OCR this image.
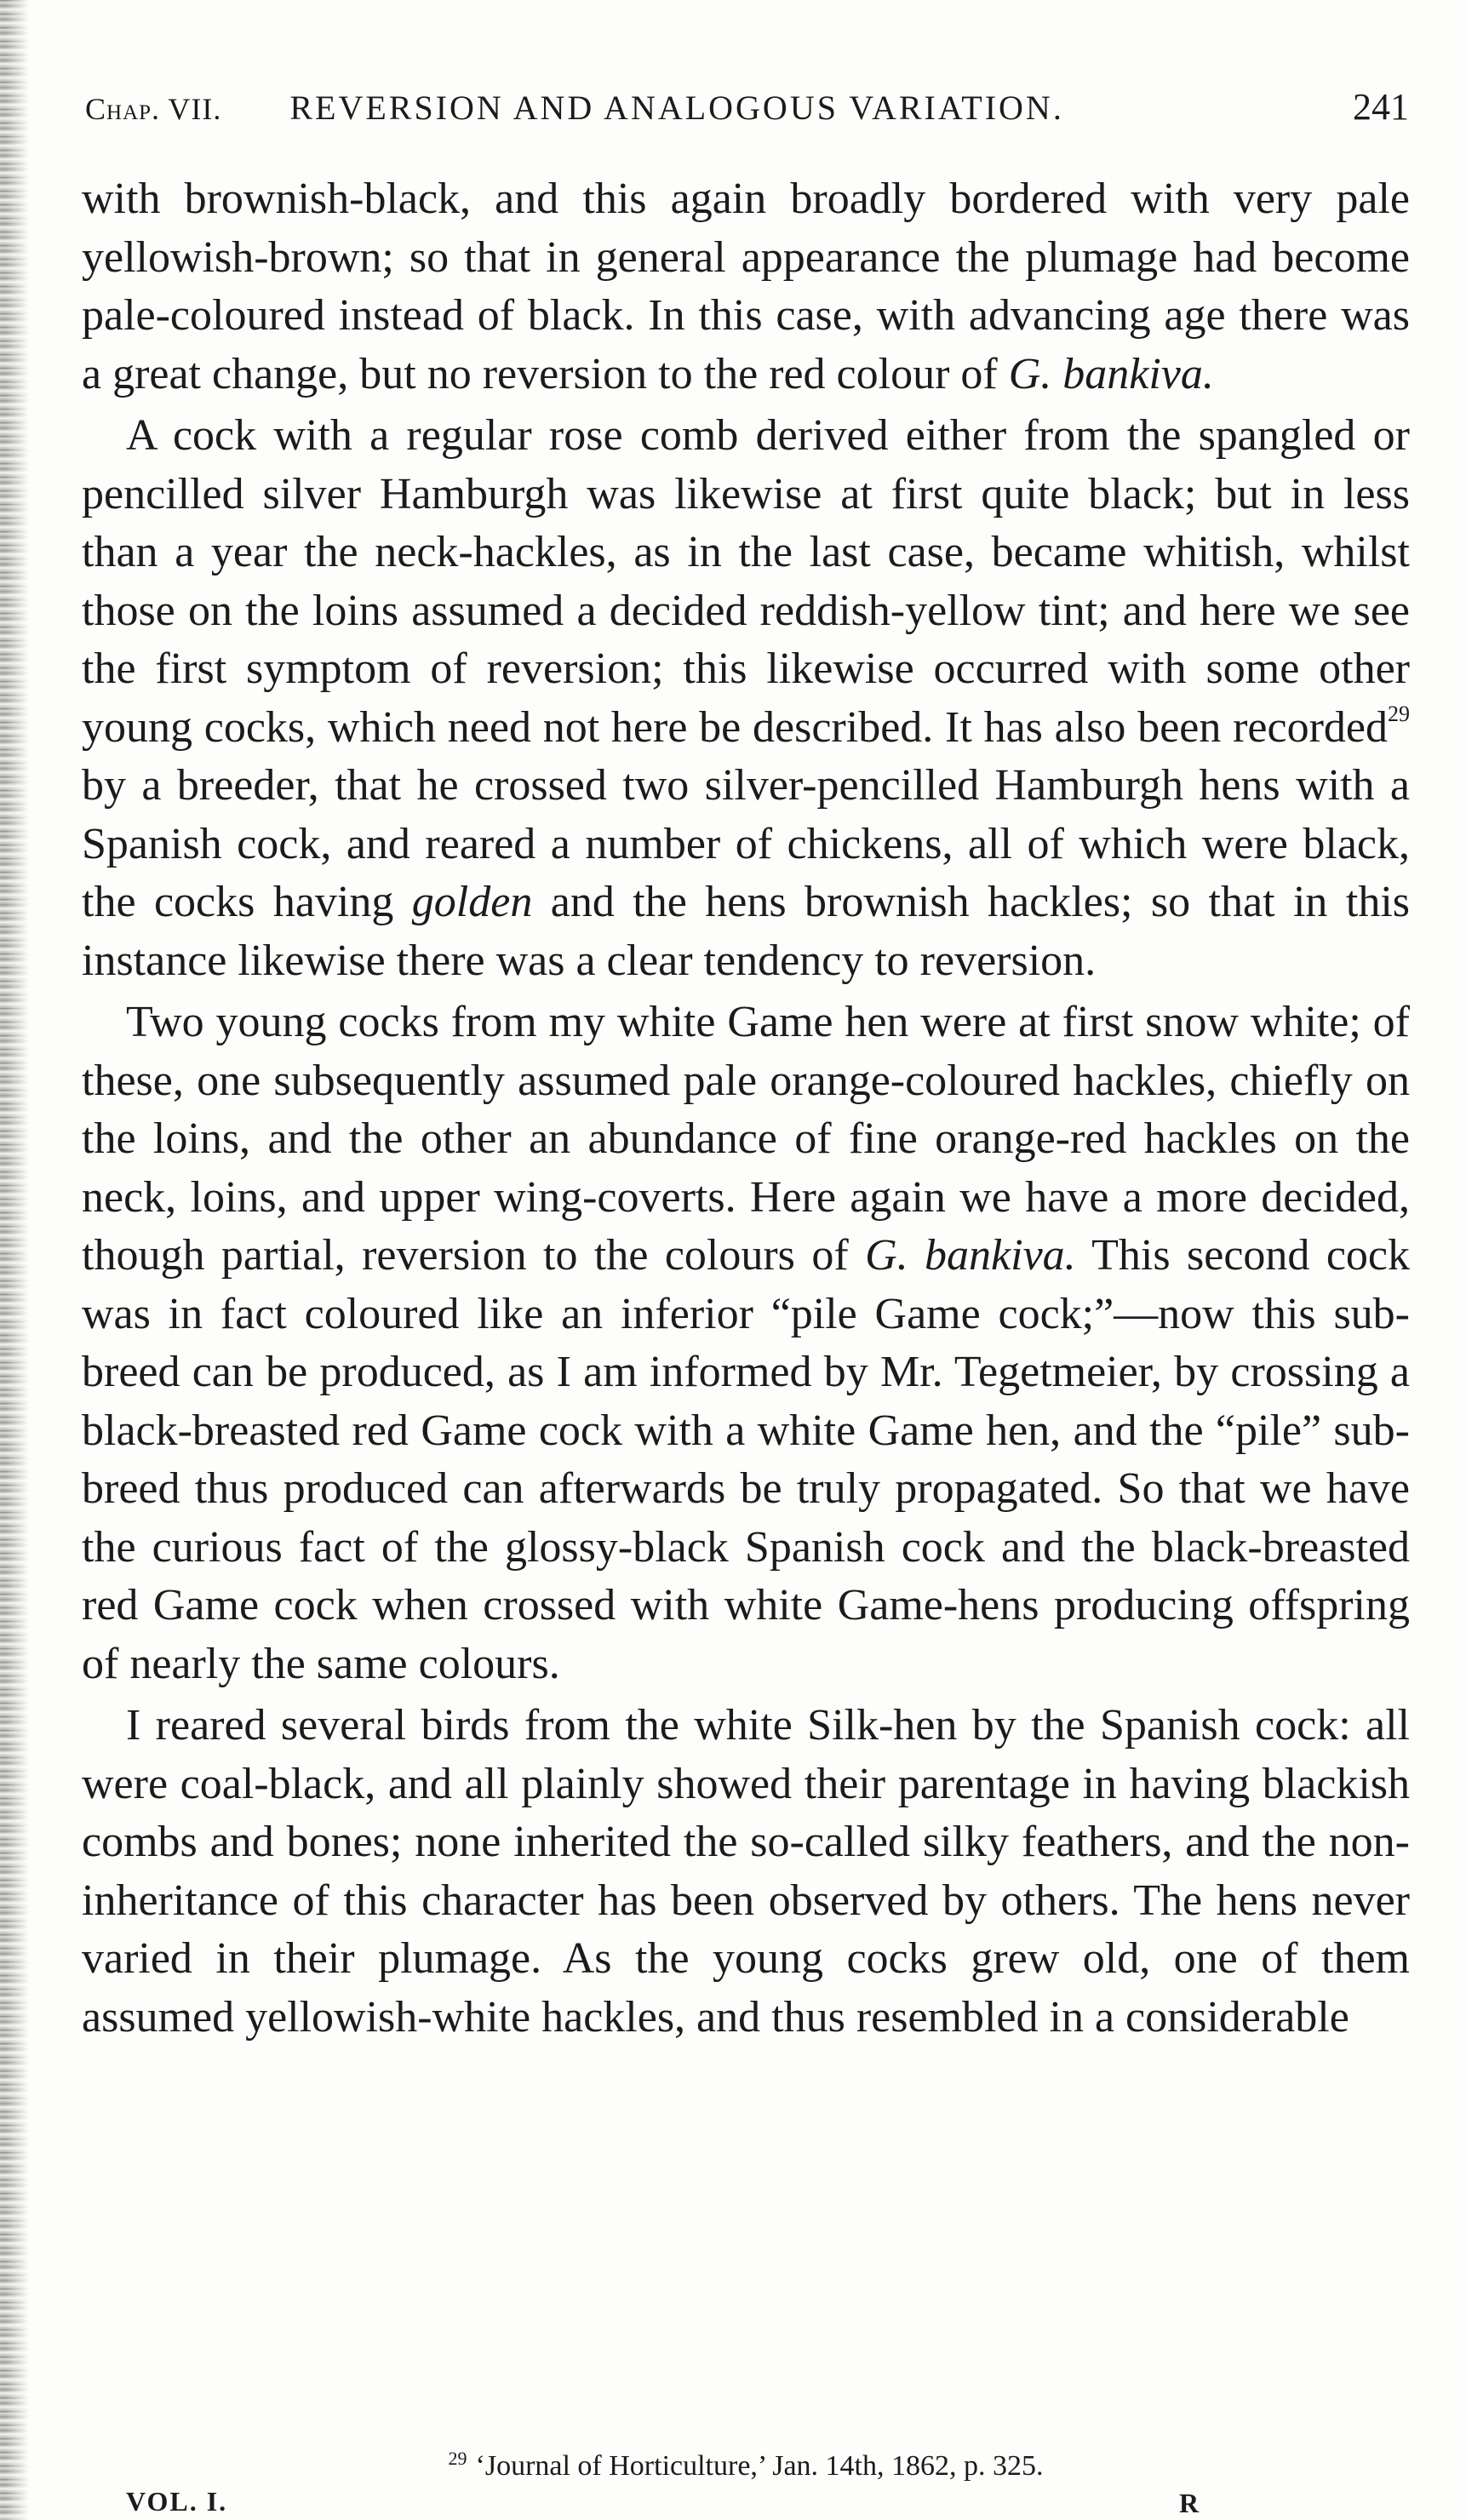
Chap. VII.	REVERSION AND ANALOGOUS VARIATION.	241

with brownish-black, and this again broadly bordered with very pale yellowish-brown; so that in general appearance the plumage had become pale-coloured instead of black. In this case, with advancing age there was a great change, but no reversion to the red colour of G. bankiva.

A cock with a regular rose comb derived either from the spangled or pencilled silver Hamburgh was likewise at first quite black; but in less than a year the neck-hackles, as in the last case, became whitish, whilst those on the loins assumed a decided reddish-yellow tint; and here we see the first symptom of reversion; this likewise occurred with some other young cocks, which need not here be described. It has also been recorded$^{29}$ by a breeder, that he crossed two silver-pencilled Hamburgh hens with a Spanish cock, and reared a number of chickens, all of which were black, the cocks having golden and the hens brownish hackles; so that in this instance likewise there was a clear tendency to reversion.

Two young cocks from my white Game hen were at first snow white; of these, one subsequently assumed pale orange-coloured hackles, chiefly on the loins, and the other an abundance of fine orange-red hackles on the neck, loins, and upper wing-coverts. Here again we have a more decided, though partial, reversion to the colours of G. bankiva. This second cock was in fact coloured like an inferior “pile Game cock;”—now this sub-breed can be produced, as I am informed by Mr. Tegetmeier, by crossing a black-breasted red Game cock with a white Game hen, and the “pile” sub-breed thus produced can afterwards be truly propagated. So that we have the curious fact of the glossy-black Spanish cock and the black-breasted red Game cock when crossed with white Game-hens producing offspring of nearly the same colours.

I reared several birds from the white Silk-hen by the Spanish cock: all were coal-black, and all plainly showed their parentage in having blackish combs and bones; none inherited the so-called silky feathers, and the non-inheritance of this character has been observed by others. The hens never varied in their plumage. As the young cocks grew old, one of them assumed yellowish-white hackles, and thus resembled in a considerable

$^{29}$ ‘Journal of Horticulture,’ Jan. 14th, 1862, p. 325.
VOL. I.	R
